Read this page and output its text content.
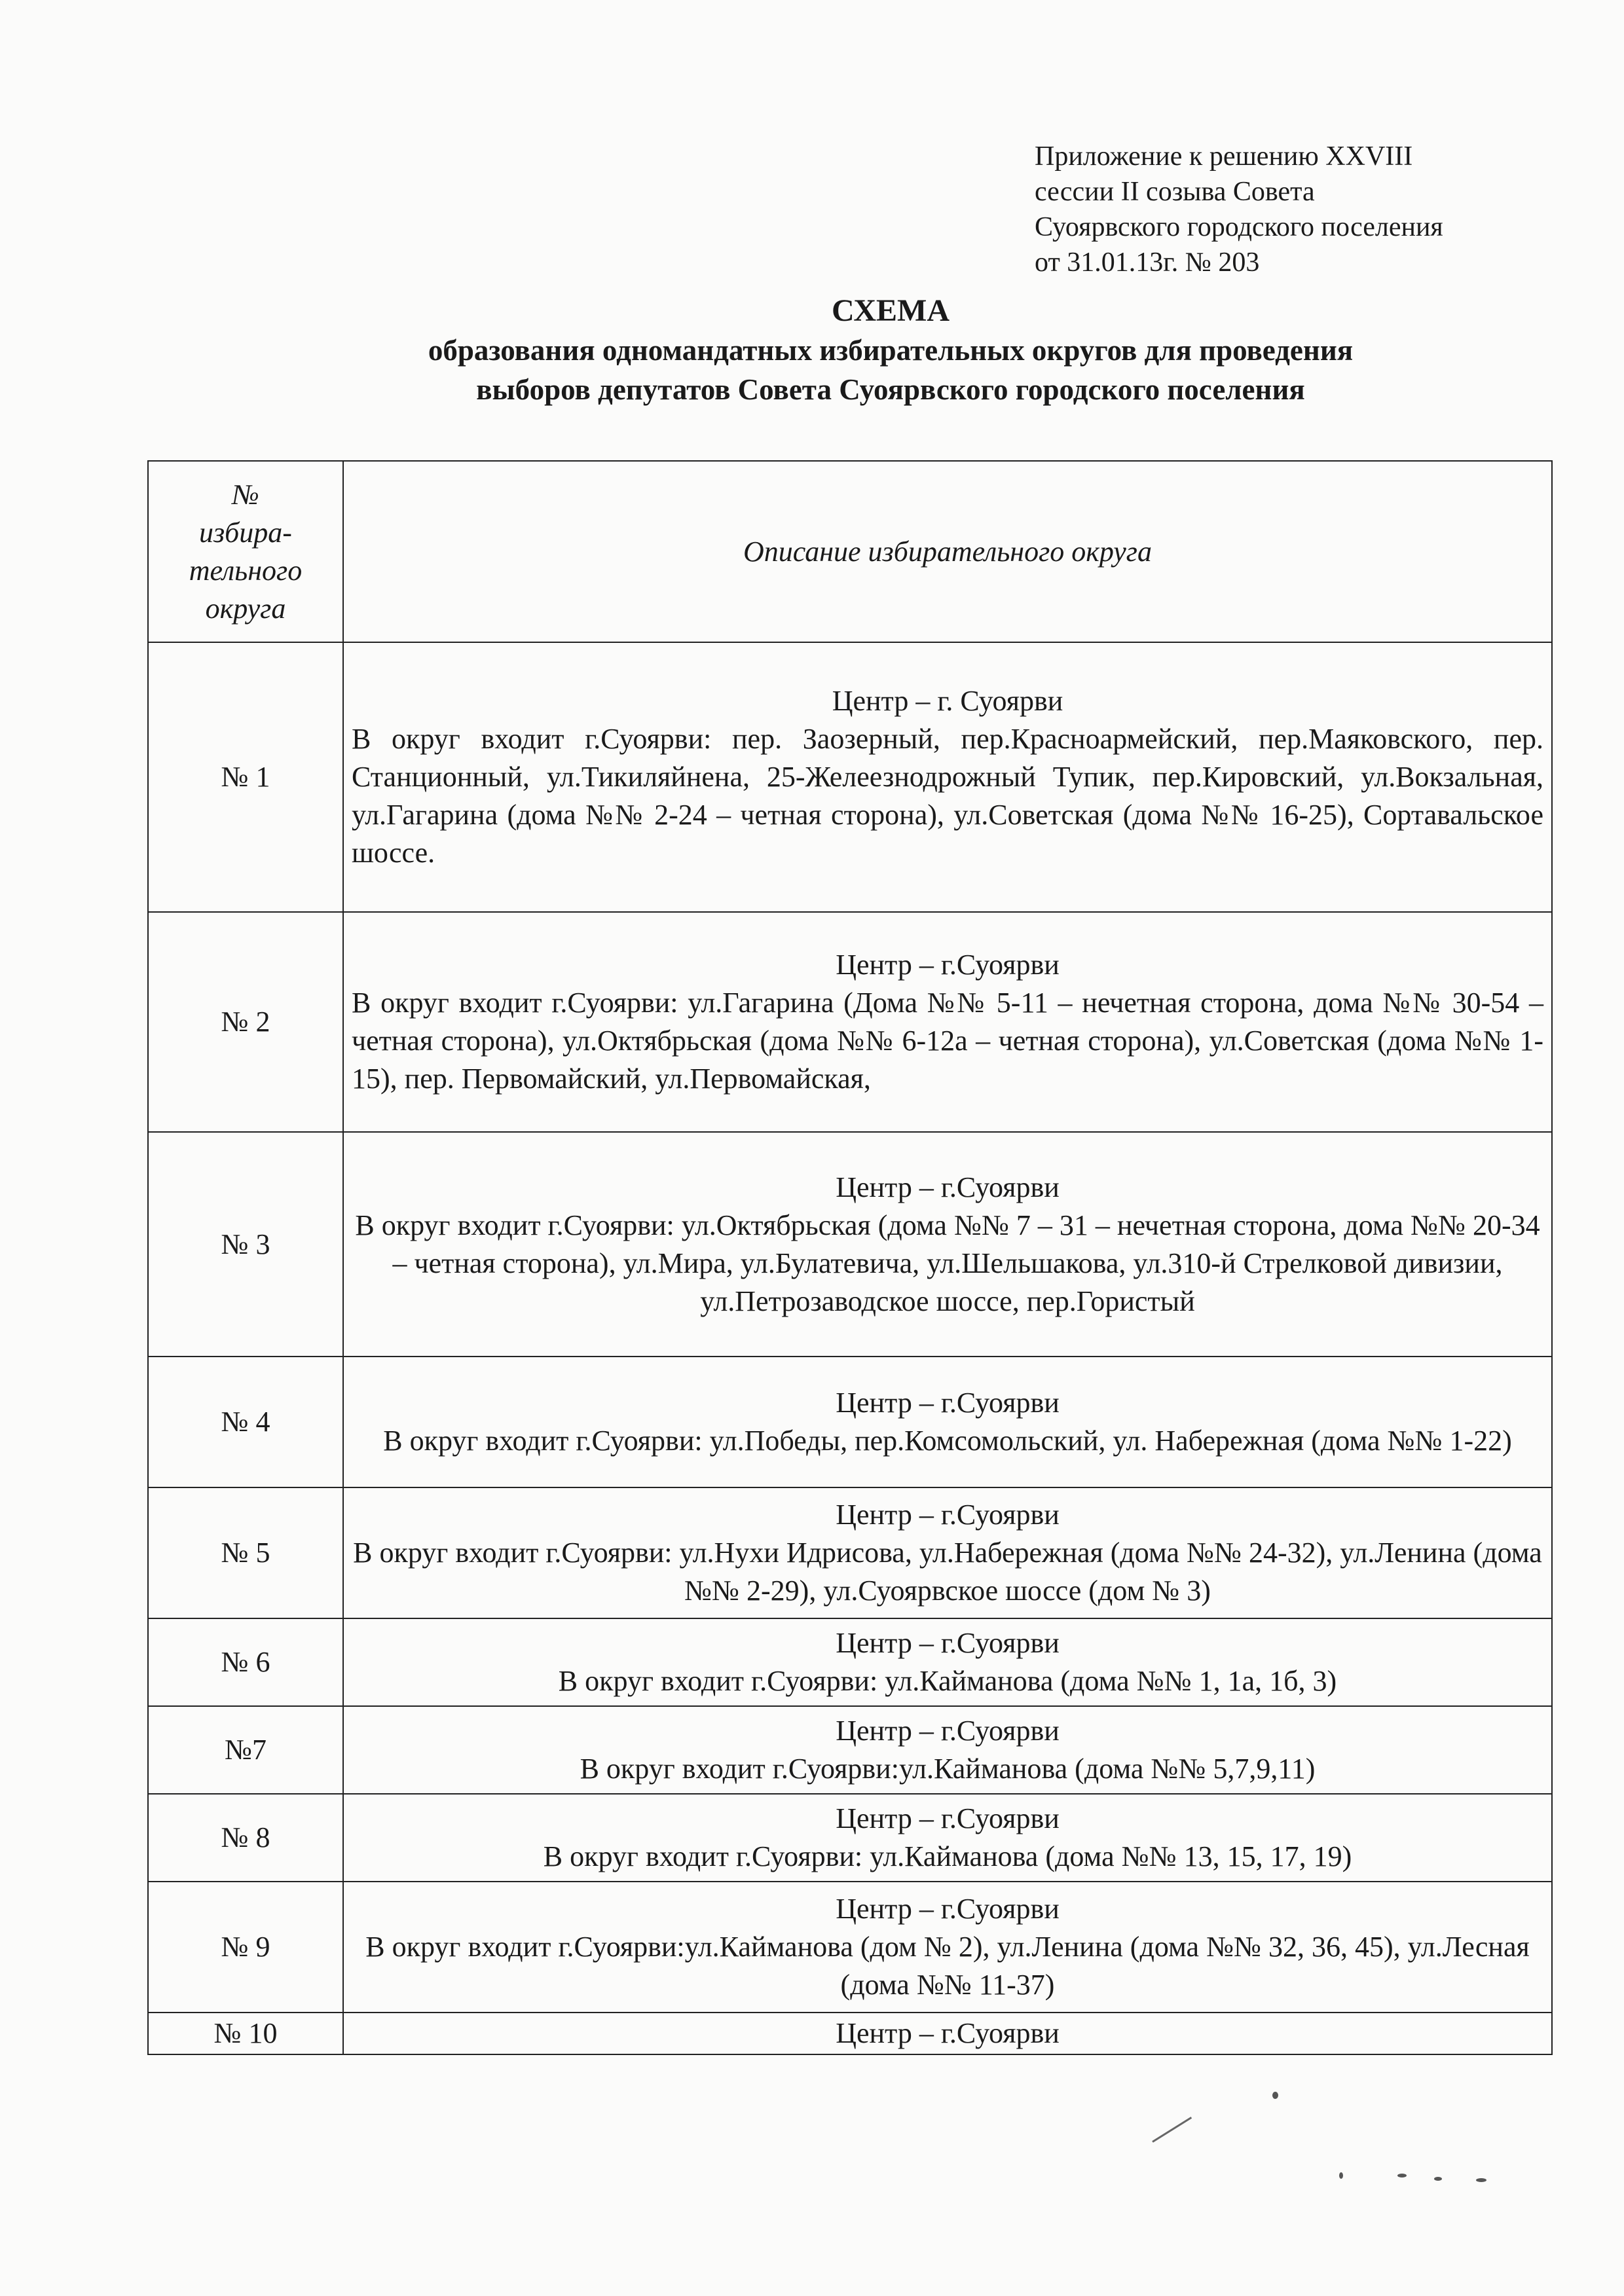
Приложение к решению XXVIII
сессии II созыва Совета
Суоярвского городского поселения
от 31.01.13г. № 203
СХЕМА
образования одномандатных избирательных округов для проведения
выборов депутатов Совета Суоярвского городского поселения
№
избира-
тельного
округа	Описание избирательного округа
№ 1	Центр – г. Суоярви
В округ входит г.Суоярви: пер. Заозерный, пер.Красноармейский, пер.Маяковского, пер. Станционный, ул.Тикиляйнена, 25-Желеезнодрожный Тупик, пер.Кировский, ул.Вокзальная, ул.Гагарина (дома №№ 2-24 – четная сторона), ул.Советская (дома №№ 16-25), Сортавальское шоссе.

№ 2	Центр – г.Суоярви
В округ входит г.Суоярви: ул.Гагарина (Дома №№ 5-11 – нечетная сторона, дома №№ 30-54 – четная сторона), ул.Октябрьская (дома №№ 6-12а – четная сторона), ул.Советская (дома №№ 1-15), пер. Первомайский, ул.Первомайская,

№ 3	Центр – г.Суоярви
В округ входит г.Суоярви: ул.Октябрьская (дома №№ 7 – 31 – нечетная сторона, дома №№ 20-34 – четная сторона), ул.Мира, ул.Булатевича, ул.Шельшакова, ул.310-й Стрелковой дивизии, ул.Петрозаводское шоссе, пер.Гористый

№ 4	Центр – г.Суоярви
В округ входит г.Суоярви: ул.Победы, пер.Комсомольский, ул. Набережная (дома №№ 1-22)

№ 5	Центр – г.Суоярви
В округ входит г.Суоярви: ул.Нухи Идрисова, ул.Набережная (дома №№ 24-32), ул.Ленина (дома №№ 2-29), ул.Суоярвское шоссе (дом № 3)

№ 6	Центр – г.Суоярви
В округ входит г.Суоярви: ул.Кайманова (дома №№ 1, 1а, 1б, 3)

№7	Центр – г.Суоярви
В округ входит г.Суоярви:ул.Кайманова (дома №№ 5,7,9,11)

№ 8	Центр – г.Суоярви
В округ входит г.Суоярви: ул.Кайманова (дома №№ 13, 15, 17, 19)

№ 9	Центр – г.Суоярви
В округ входит г.Суоярви:ул.Кайманова (дом № 2), ул.Ленина (дома №№ 32, 36, 45), ул.Лесная (дома №№ 11-37)

№ 10	Центр – г.Суоярви
